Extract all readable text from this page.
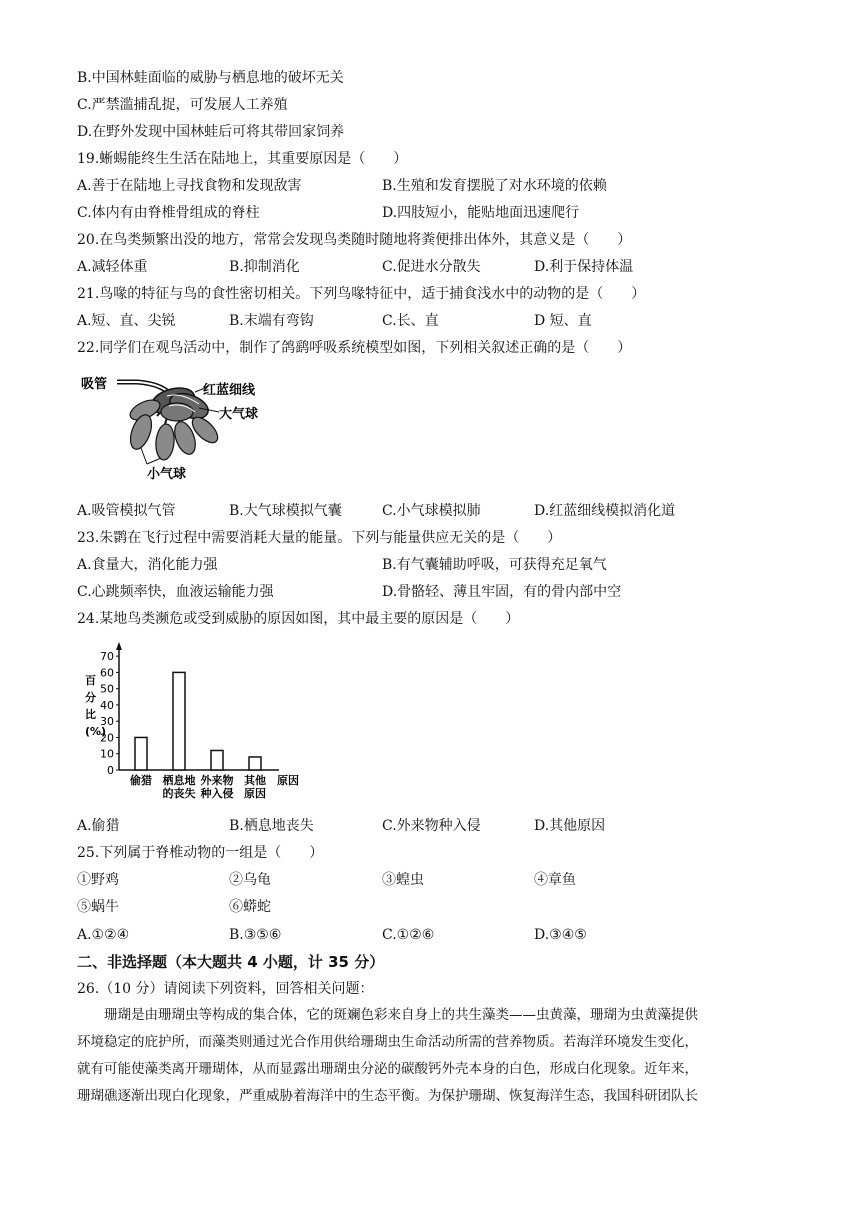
B.中国林蛙面临的威胁与栖息地的破坏无关
C.严禁滥捕乱捉，可发展人工养殖
D.在野外发现中国林蛙后可将其带回家饲养
19.蜥蜴能终生生活在陆地上，其重要原因是（　　）
A.善于在陆地上寻找食物和发现敌害	B.生殖和发育摆脱了对水环境的依赖
C.体内有由脊椎骨组成的脊柱	D.四肢短小，能贴地面迅速爬行
20.在鸟类频繁出没的地方，常常会发现鸟类随时随地将粪便排出体外，其意义是（　　）
A.减轻体重	B.抑制消化	C.促进水分散失	D.利于保持体温
21.鸟喙的特征与鸟的食性密切相关。下列鸟喙特征中，适于捕食浅水中的动物的是（　　）
A.短、直、尖锐	B.末端有弯钩	C.长、直	D 短、直
22.同学们在观鸟活动中，制作了鸽鹞呼吸系统模型如图，下列相关叙述正确的是（　　）
吸管	红蓝细线
大气球
小气球
A.吸管模拟气管	B.大气球模拟气囊	C.小气球模拟肺	D.红蓝细线模拟消化道
23.朱鹮在飞行过程中需要消耗大量的能量。下列与能量供应无关的是（　　）
A.食量大，消化能力强	B.有气囊辅助呼吸，可获得充足氧气
C.心跳频率快，血液运输能力强	D.骨骼轻、薄且牢固，有的骨内部中空
24.某地鸟类濒危或受到威胁的原因如图，其中最主要的原因是（　　）
0
10
20
30
40
50
60
70
百
分
比
(%)
偷猎 栖息地
的丧失
外来物
种入侵
其他
原因
原因
A.偷猎	B.栖息地丧失	C.外来物种入侵	D.其他原因
25.下列属于脊椎动物的一组是（　　）
①野鸡	②乌龟	③蝗虫	④章鱼
⑤蜗牛	⑥蟒蛇
A.①②④	B.③⑤⑥	C.①②⑥	D.③④⑤
二、非选择题（本大题共 4 小题，计 35 分）
26.（10 分）请阅读下列资料，回答相关问题：

　　珊瑚是由珊瑚虫等构成的集合体，它的斑斓色彩来自身上的共生藻类——虫黄藻，珊瑚为虫黄藻提供

环境稳定的庇护所，而藻类则通过光合作用供给珊瑚虫生命活动所需的营养物质。若海洋环境发生变化，

就有可能使藻类离开珊瑚体，从而显露出珊瑚虫分泌的碳酸钙外壳本身的白色，形成白化现象。近年来，

珊瑚礁逐渐出现白化现象，严重威胁着海洋中的生态平衡。为保护珊瑚、恢复海洋生态，我国科研团队长
